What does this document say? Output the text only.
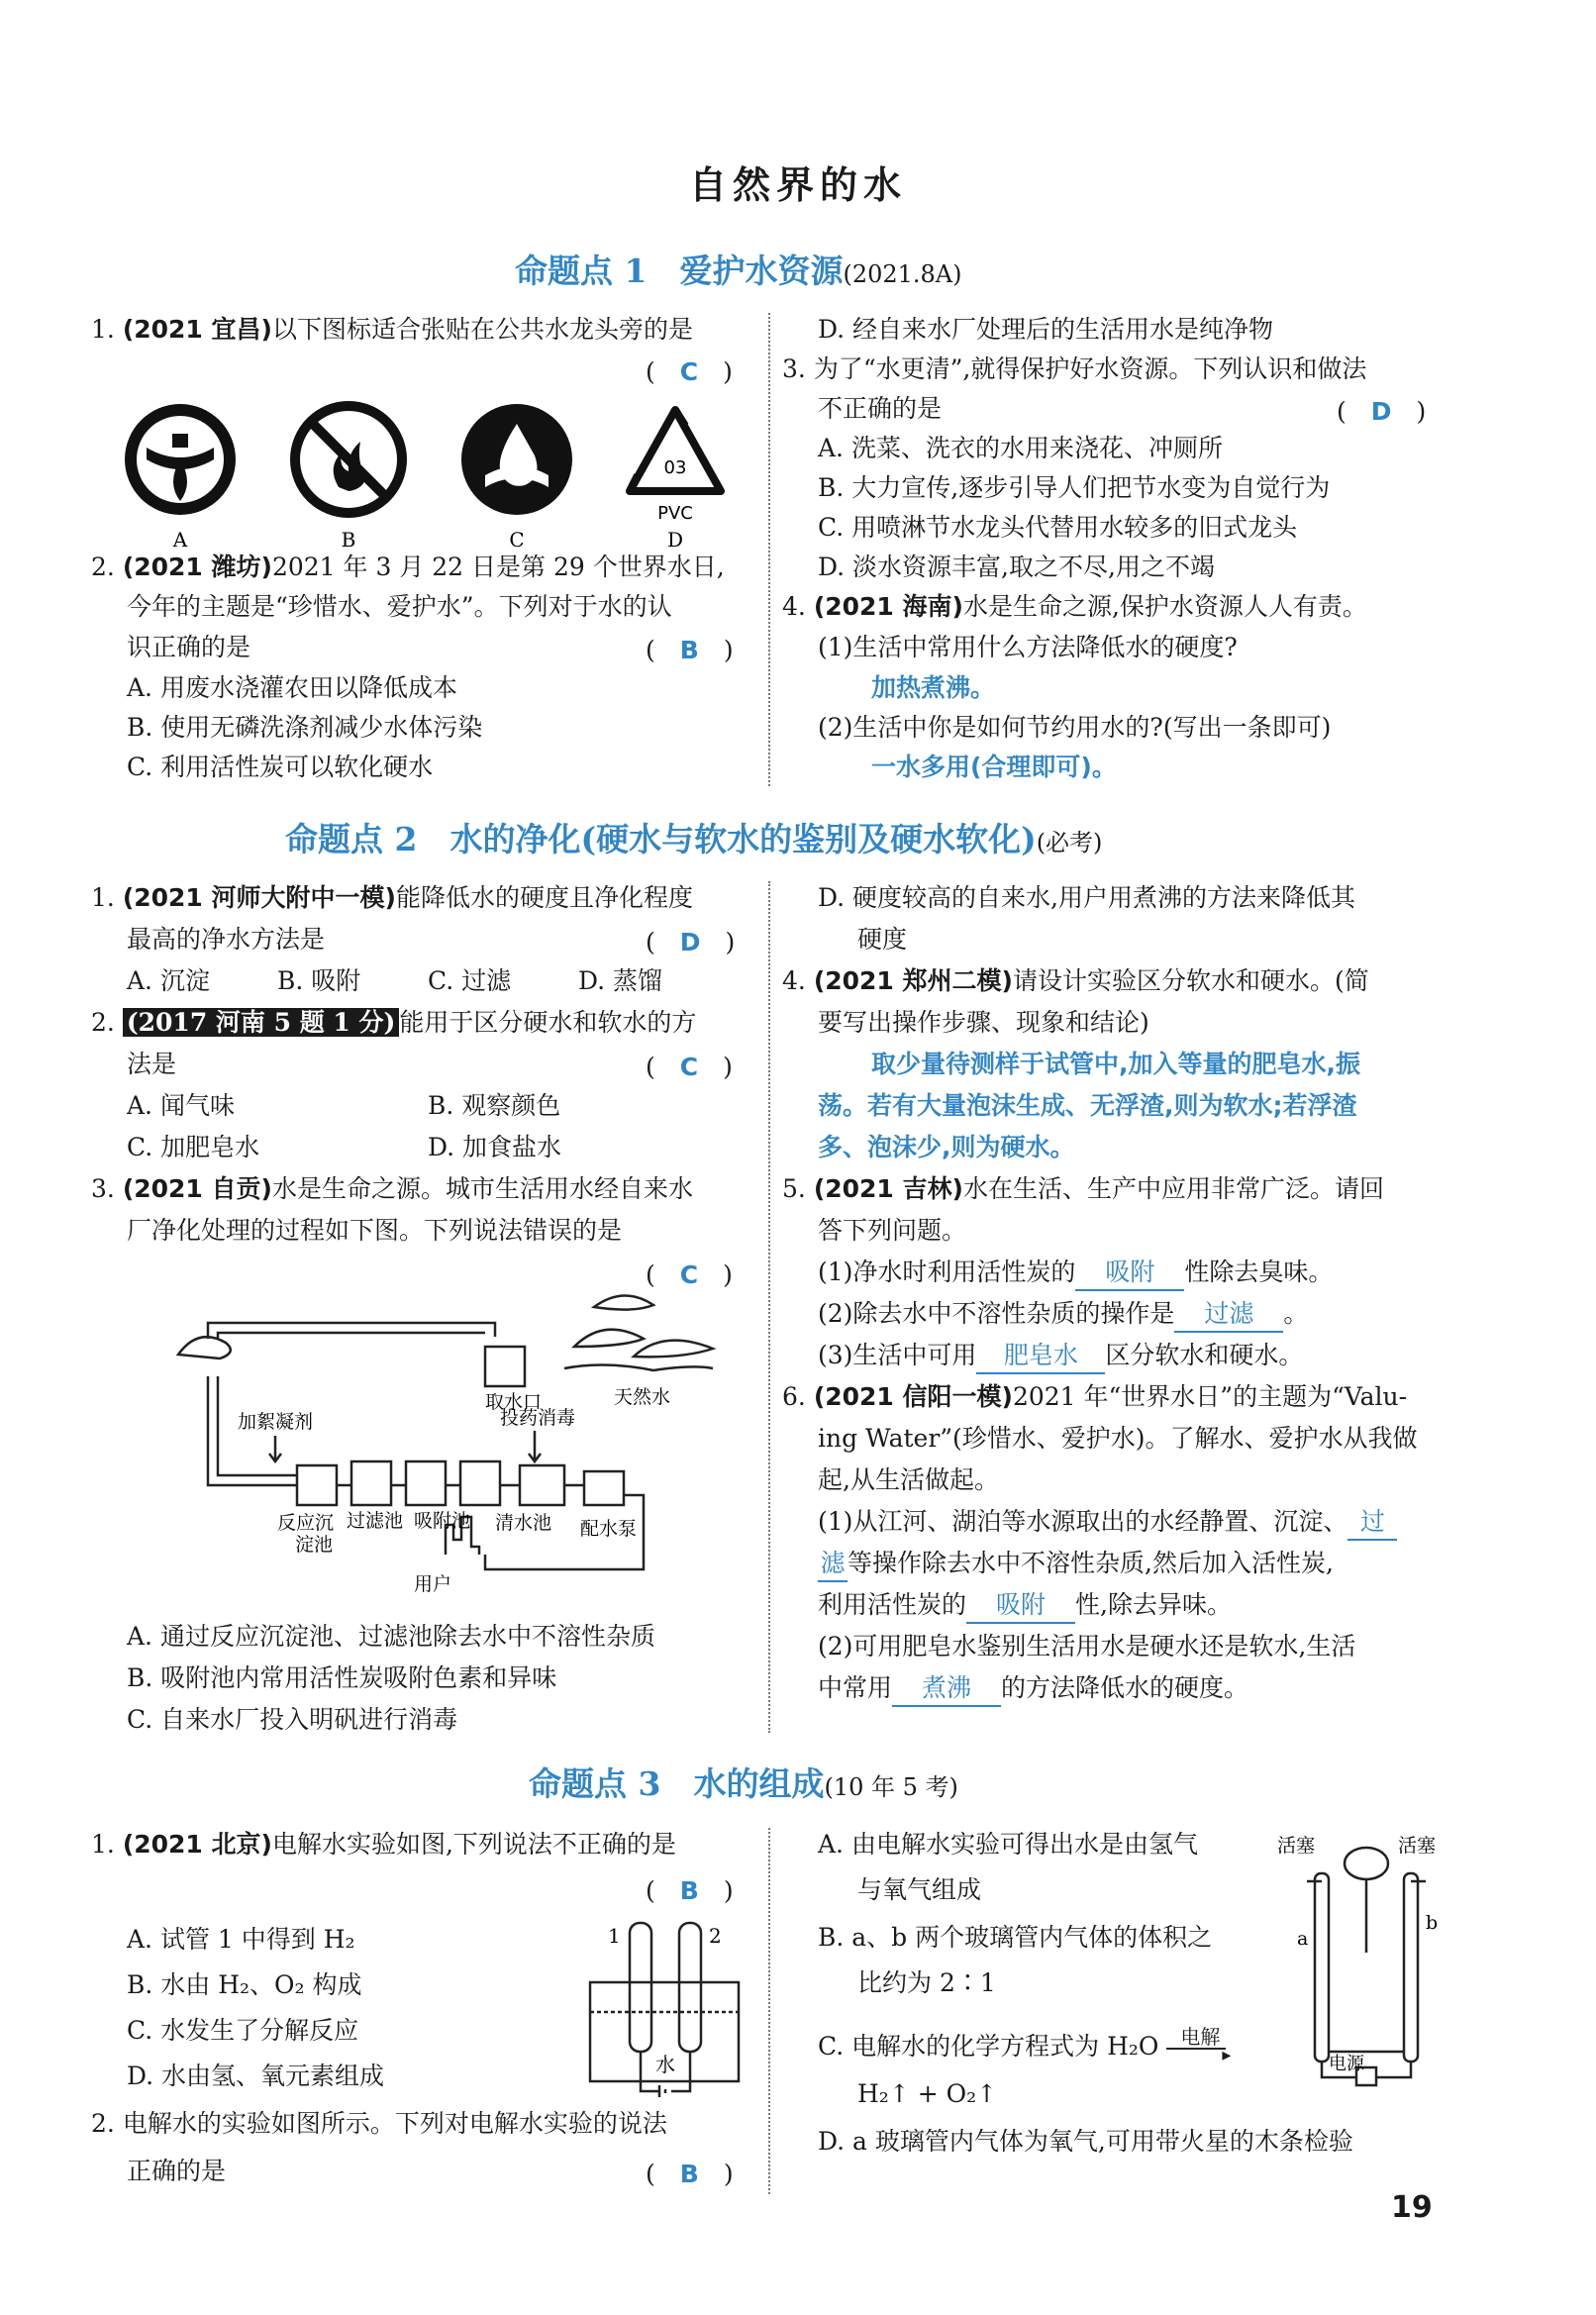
自然界的水
命题点 1　爱护水资源(2021.8A)
1. (2021 宜昌)以下图标适合张贴在公共水龙头旁的是
(　C　)
03
PVC
A	B	C	D
2. (2021 潍坊)2021 年 3 月 22 日是第 29 个世界水日,
今年的主题是“珍惜水、爱护水”。下列对于水的认
识正确的是	(　B　)
A. 用废水浇灌农田以降低成本
B. 使用无磷洗涤剂减少水体污染
C. 利用活性炭可以软化硬水
D. 经自来水厂处理后的生活用水是纯净物
3. 为了“水更清”,就得保护好水资源。下列认识和做法
不正确的是	(　D　)
A. 洗菜、洗衣的水用来浇花、冲厕所
B. 大力宣传,逐步引导人们把节水变为自觉行为
C. 用喷淋节水龙头代替用水较多的旧式龙头
D. 淡水资源丰富,取之不尽,用之不竭
4. (2021 海南)水是生命之源,保护水资源人人有责。
(1)生活中常用什么方法降低水的硬度?
加热煮沸。
(2)生活中你是如何节约用水的?(写出一条即可)
一水多用(合理即可)。
命题点 2　水的净化(硬水与软水的鉴别及硬水软化)(必考)
1. (2021 河师大附中一模)能降低水的硬度且净化程度
最高的净水方法是	(　D　)
A. 沉淀	B. 吸附	C. 过滤	D. 蒸馏
2. (2017 河南 5 题 1 分) 能用于区分硬水和软水的方
法是	(　C　)
A. 闻气味	B. 观察颜色
C. 加肥皂水	D. 加食盐水
3. (2021 自贡)水是生命之源。城市生活用水经自来水
厂净化处理的过程如下图。下列说法错误的是
(　C　)
取水口	天然水
加絮凝剂	投药消毒
反应沉
淀池
过滤池 吸附池 清水池 配水泵
用户
A. 通过反应沉淀池、过滤池除去水中不溶性杂质
B. 吸附池内常用活性炭吸附色素和异味
C. 自来水厂投入明矾进行消毒
D. 硬度较高的自来水,用户用煮沸的方法来降低其
硬度
4. (2021 郑州二模)请设计实验区分软水和硬水。(简
要写出操作步骤、现象和结论)
取少量待测样于试管中,加入等量的肥皂水,振
荡。若有大量泡沫生成、无浮渣,则为软水;若浮渣
多、泡沫少,则为硬水。
5. (2021 吉林)水在生活、生产中应用非常广泛。请回
答下列问题。
(1)净水时利用活性炭的 吸附 性除去臭味。
(2)除去水中不溶性杂质的操作是 过滤 。
(3)生活中可用 肥皂水 区分软水和硬水。
6. (2021 信阳一模)2021 年“世界水日”的主题为“Valu-
ing Water”(珍惜水、爱护水)。了解水、爱护水从我做
起,从生活做起。
(1)从江河、湖泊等水源取出的水经静置、沉淀、 过
滤 等操作除去水中不溶性杂质,然后加入活性炭,
利用活性炭的 吸附 性,除去异味。
(2)可用肥皂水鉴别生活用水是硬水还是软水,生活
中常用 煮沸 的方法降低水的硬度。
命题点 3　水的组成(10 年 5 考)
1. (2021 北京)电解水实验如图,下列说法不正确的是
(　B　)
A. 试管 1 中得到 H₂
B. 水由 H₂、O₂ 构成
C. 水发生了分解反应
D. 水由氢、氧元素组成
1	2
水
2. 电解水的实验如图所示。下列对电解水实验的说法
正确的是	(　B　)
A. 由电解水实验可得出水是由氢气
与氧气组成
B. a、b 两个玻璃管内气体的体积之
比约为 2∶1
C. 电解水的化学方程式为 H₂O 电解
▸
H₂↑ + O₂↑
D. a 玻璃管内气体为氧气,可用带火星的木条检验
活塞	活塞
a
b
电源
19
